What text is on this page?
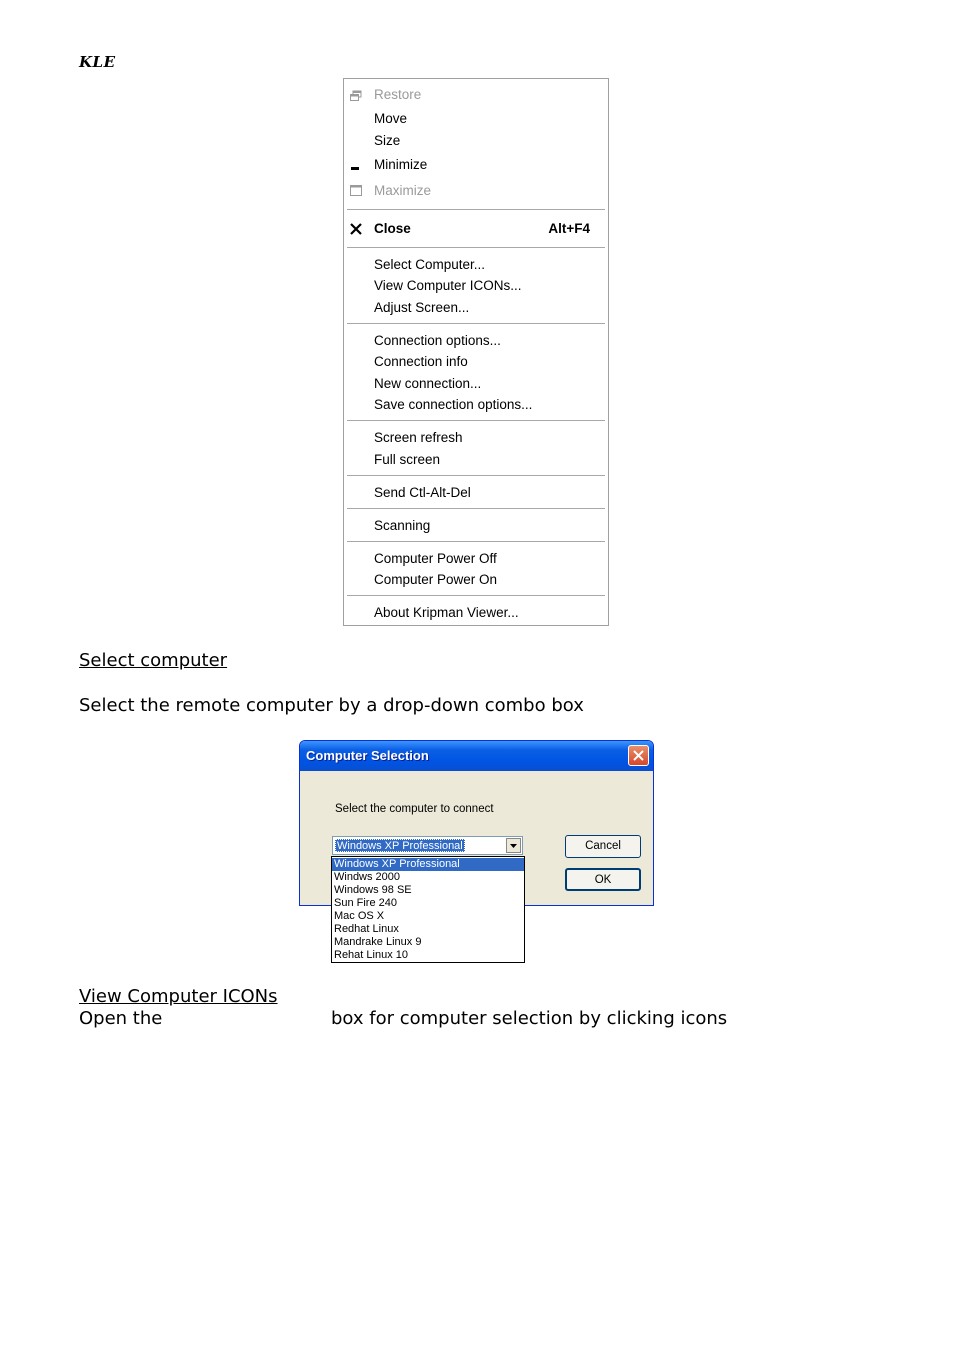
KLE
Restore
Move
Size
Minimize
Maximize
Close	Alt+F4
Select Computer...
View Computer ICONs...
Adjust Screen...
Connection options...
Connection info
New connection...
Save connection options...
Screen refresh
Full screen
Send Ctl-Alt-Del
Scanning
Computer Power Off
Computer Power On
About Kripman Viewer...
Select computer
Select the remote computer by a drop-down combo box
Computer Selection
Select the computer to connect
Windows XP Professional	Cancel
OK
Windows XP Professional
Windws 2000
Windows 98 SE
Sun Fire 240
Mac OS X
Redhat Linux
Mandrake Linux 9
Rehat Linux 10
View Computer ICONs
Open the	box for computer selection by clicking icons
